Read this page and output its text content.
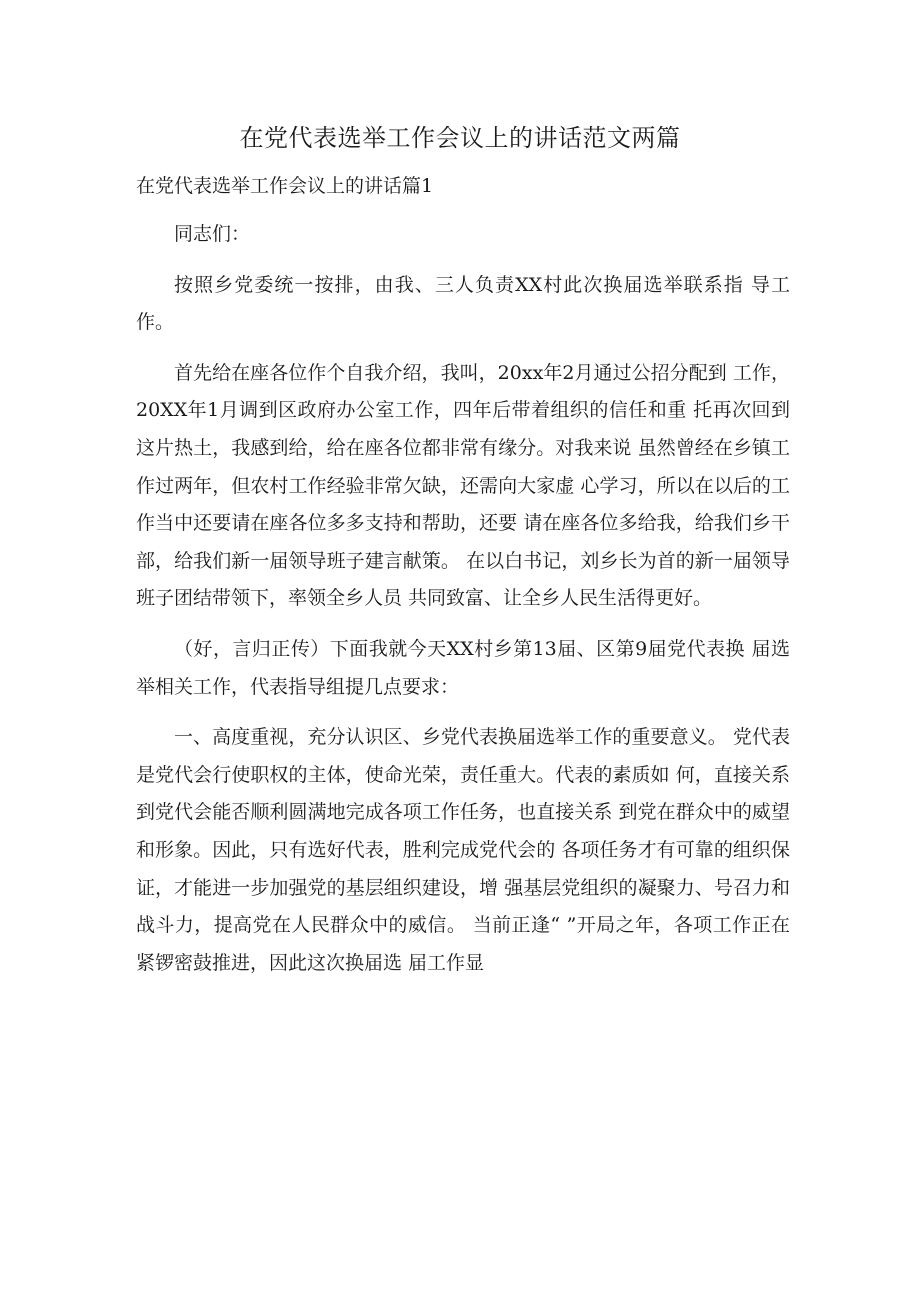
在党代表选举工作会议上的讲话范文两篇
在党代表选举工作会议上的讲话篇1

同志们：

按照乡党委统一按排，由我、三人负责XX村此次换届选举联系指 导工作。

首先给在座各位作个自我介绍，我叫，20xx年2月通过公招分配到 工作，20XX年1月调到区政府办公室工作，四年后带着组织的信任和重 托再次回到这片热土，我感到给，给在座各位都非常有缘分。对我来说 虽然曾经在乡镇工作过两年，但农村工作经验非常欠缺，还需向大家虚 心学习，所以在以后的工作当中还要请在座各位多多支持和帮助，还要 请在座各位多给我，给我们乡干部，给我们新一届领导班子建言献策。 在以白书记，刘乡长为首的新一届领导班子团结带领下，率领全乡人员 共同致富、让全乡人民生活得更好。

（好，言归正传）下面我就今天XX村乡第13届、区第9届党代表换 届选举相关工作，代表指导组提几点要求：

一、高度重视，充分认识区、乡党代表换届选举工作的重要意义。 党代表是党代会行使职权的主体，使命光荣，责任重大。代表的素质如 何，直接关系到党代会能否顺利圆满地完成各项工作任务，也直接关系 到党在群众中的威望和形象。因此，只有选好代表，胜利完成党代会的 各项任务才有可靠的组织保证，才能进一步加强党的基层组织建设，增 强基层党组织的凝聚力、号召力和战斗力，提高党在人民群众中的威信。 当前正逢“ ”开局之年，各项工作正在紧锣密鼓推进，因此这次换届选 届工作显
